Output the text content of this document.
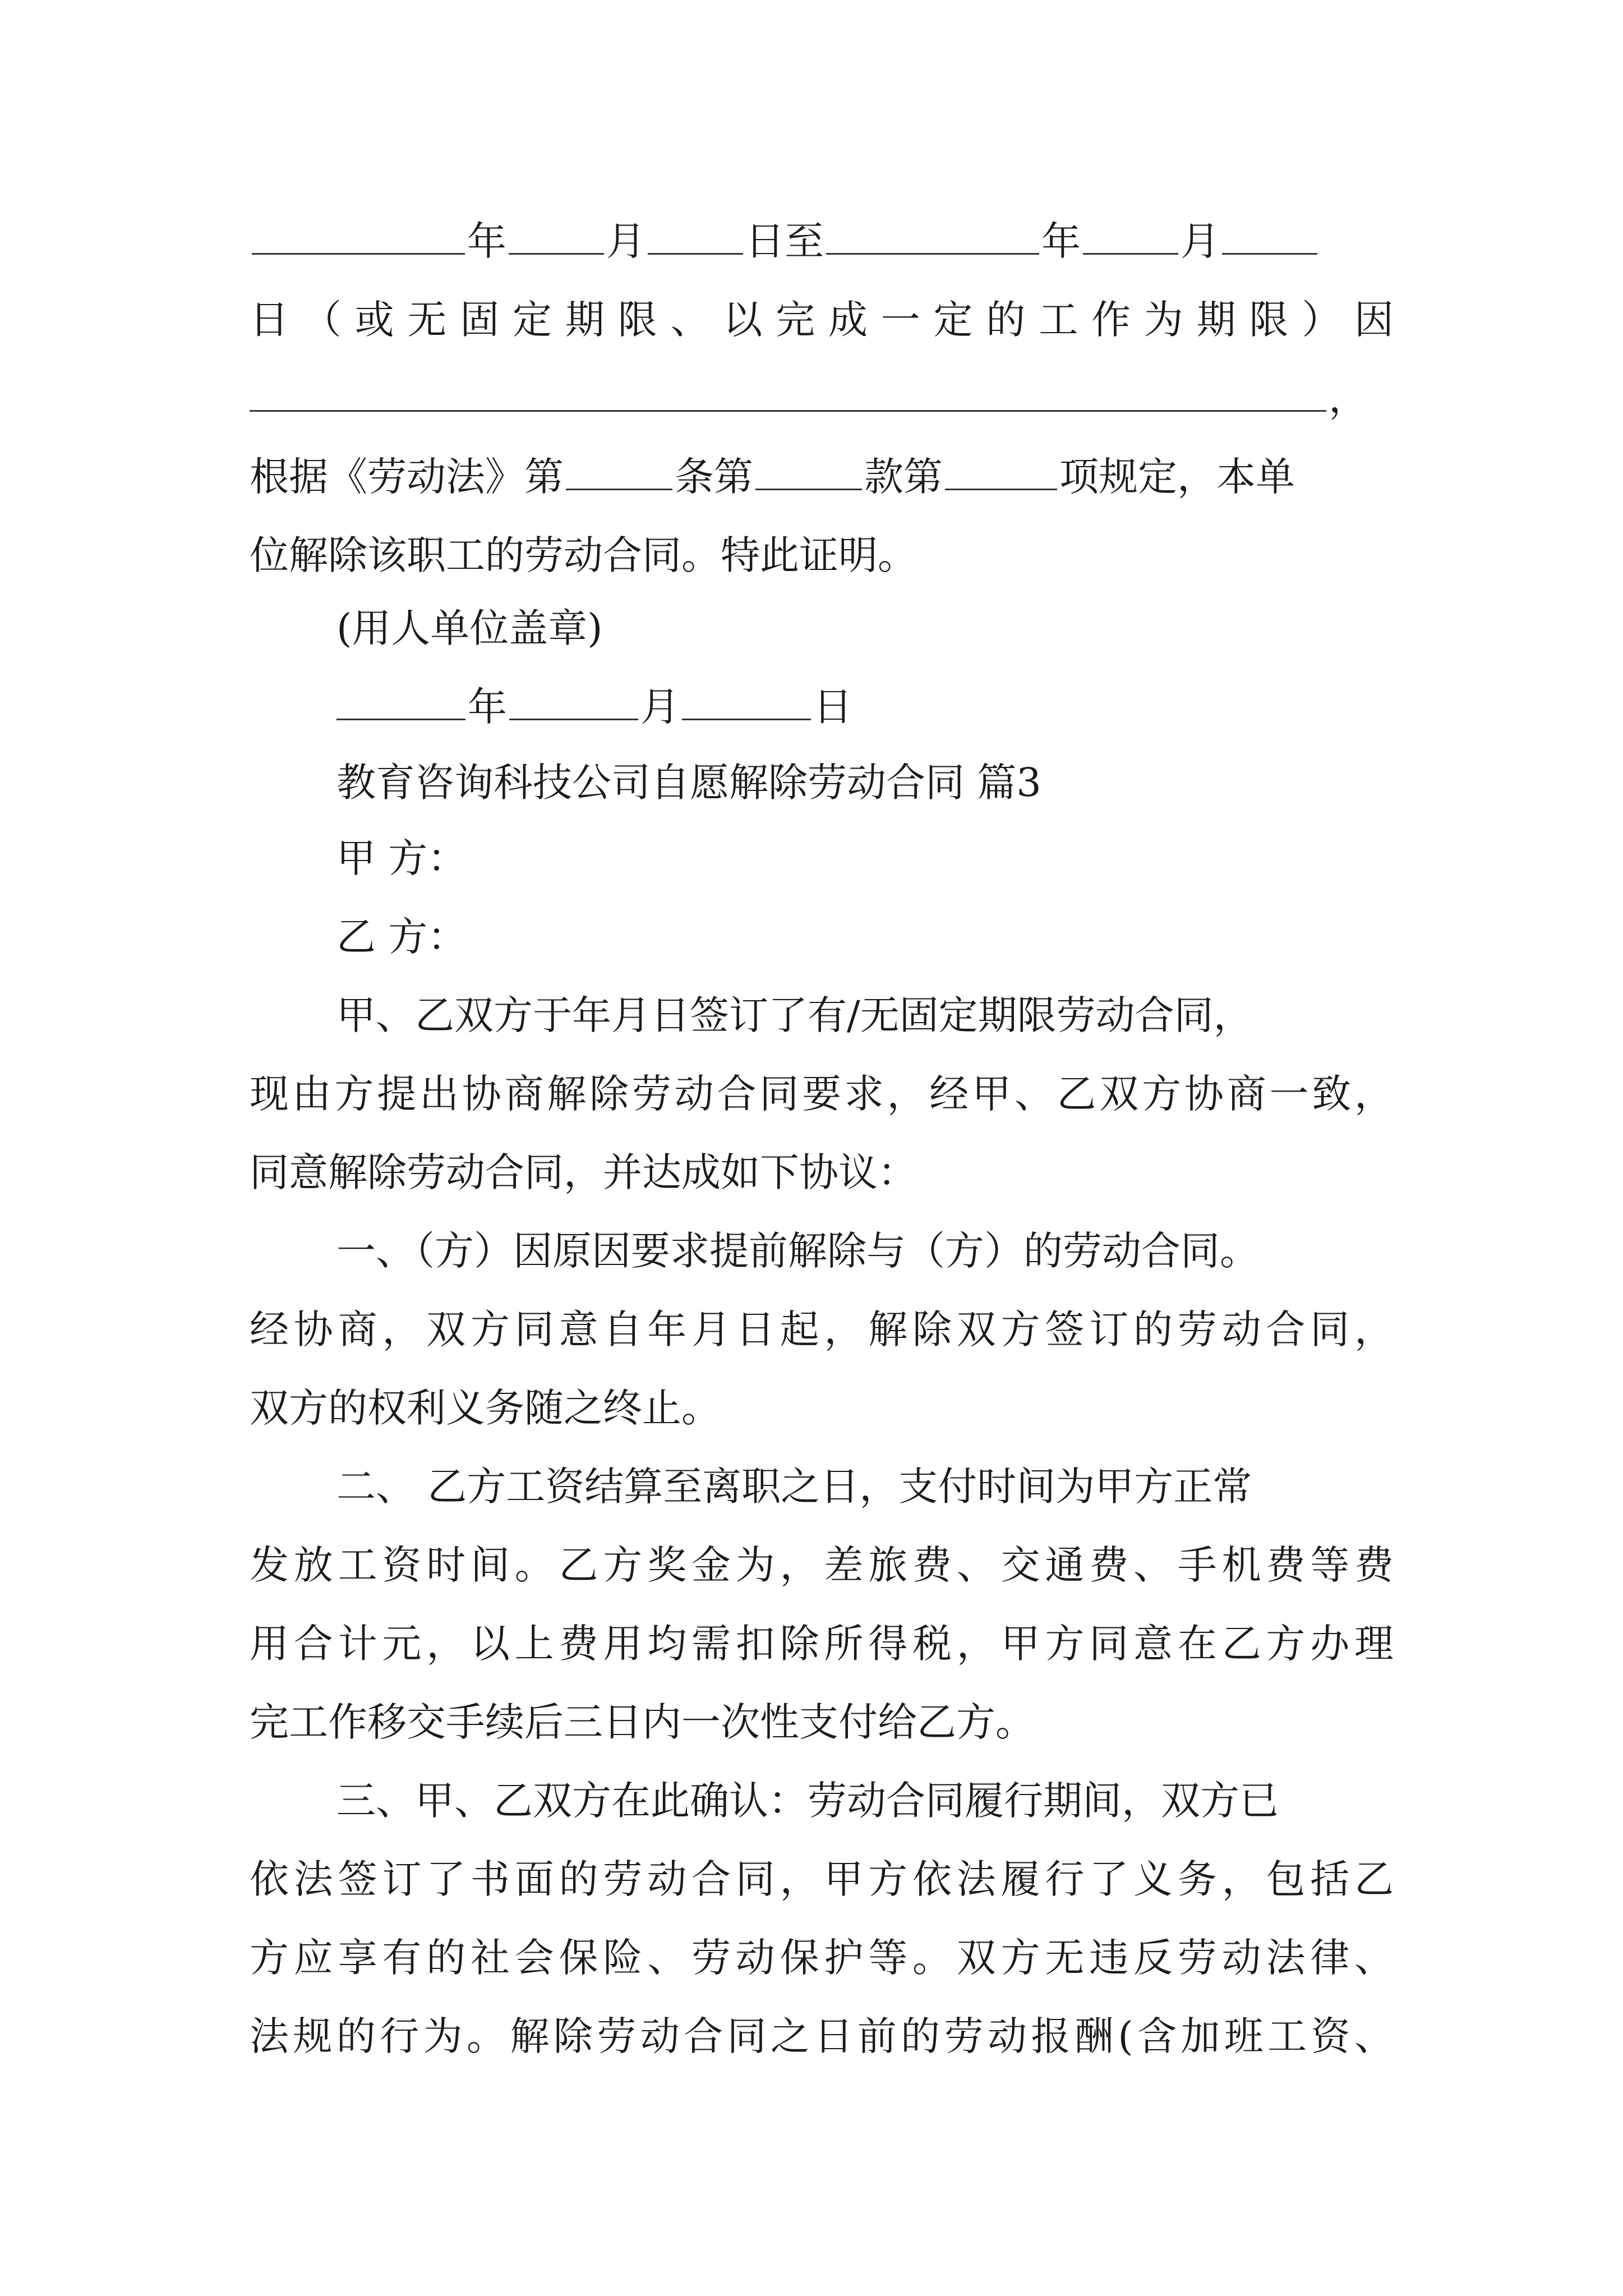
年	月	日至	年	月
日（或无固定期限、以完成一定的工作为期限）因
，
根据《劳动法》第	条第	款第	项规定，本单
位解除该职工的劳动合同。特此证明。
(用人单位盖章)
年	月	日
教育咨询科技公司自愿解除劳动合同 篇3
甲 方：
乙 方：
甲、乙双方于年月日签订了有/无固定期限劳动合同，
现由方提出协商解除劳动合同要求，经甲、乙双方协商一致，
同意解除劳动合同，并达成如下协议：
一、（方）因原因要求提前解除与（方）的劳动合同。
经协商，双方同意自年月日起，解除双方签订的劳动合同，
双方的权利义务随之终止。
二、 乙方工资结算至离职之日，支付时间为甲方正常
发放工资时间。乙方奖金为，差旅费、交通费、手机费等费
用合计元，以上费用均需扣除所得税，甲方同意在乙方办理
完工作移交手续后三日内一次性支付给乙方。
三、甲、乙双方在此确认：劳动合同履行期间，双方已
依法签订了书面的劳动合同，甲方依法履行了义务，包括乙
方应享有的社会保险、劳动保护等。双方无违反劳动法律、
法规的行为。解除劳动合同之日前的劳动报酬(含加班工资、
